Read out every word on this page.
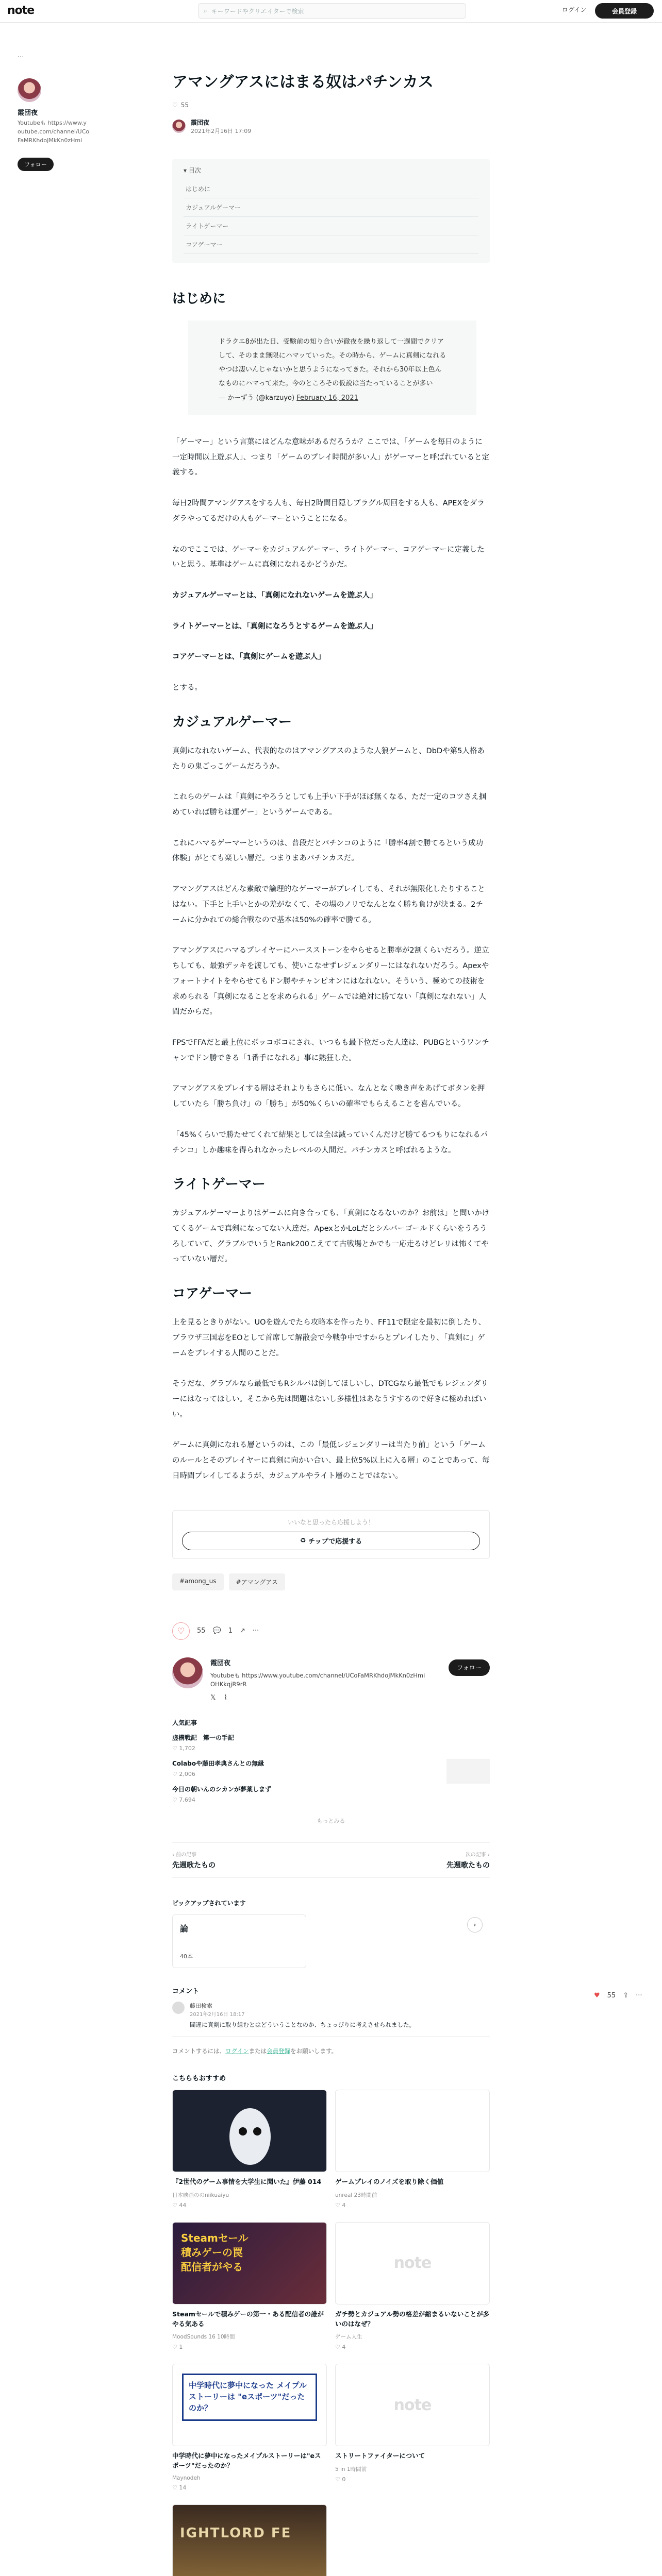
note	⌕ キーワードやクリエイターで検索	ログイン	会員登録
...
霞団夜
Youtubeも https://www.youtube.com/channel/UCoFaMRKhdoJMkKn0zHmi
フォロー
アマングアスにはまる奴はパチンカス
♡ 55
霞団夜
2021年2月16日 17:09
▾ 目次
はじめに
カジュアルゲーマー
ライトゲーマー
コアゲーマー
はじめに
ドラクエ8が出た日、受験前の知り合いが徹夜を繰り返して一週間でクリアして、そのまま無限にハマッていった。その時から、ゲームに真剣になれるやつは凄いんじゃないかと思うようになってきた。それから30年以上色んなものにハマって来た。今のところその仮説は当たっていることが多い
— かーずう (@karzuyo) February 16, 2021

「ゲーマー」という言葉にはどんな意味があるだろうか？ここでは、「ゲームを毎日のように一定時間以上遊ぶ人」、つまり「ゲームのプレイ時間が多い人」がゲーマーと呼ばれていると定義する。

毎日2時間アマングアスをする人も、毎日2時間目隠しプラグル周回をする人も、APEXをダラダラやってるだけの人もゲーマーということになる。

なのでここでは、ゲーマーをカジュアルゲーマー、ライトゲーマー、コアゲーマーに定義したいと思う。基準はゲームに真剣になれるかどうかだ。

カジュアルゲーマーとは、「真剣になれないゲームを遊ぶ人」

ライトゲーマーとは、「真剣になろうとするゲームを遊ぶ人」

コアゲーマーとは、「真剣にゲームを遊ぶ人」

とする。

カジュアルゲーマー

真剣になれないゲーム、代表的なのはアマングアスのような人狼ゲームと、DbDや第5人格あたりの鬼ごっこゲームだろうか。

これらのゲームは「真剣にやろうとしても上手い下手がほぼ無くなる、ただ一定のコツさえ掴めていれば勝ちは運ゲー」というゲームである。

これにハマるゲーマーというのは、普段だとパチンコのように「勝率4割で勝てるという成功体験」がとても楽しい層だ。つまりまあパチンカスだ。

アマングアスはどんな素敵で論理的なゲーマーがプレイしても、それが無限化したりすることはない。下手と上手いとかの差がなくて、その場のノリでなんとなく勝ち負けが決まる。2チームに分かれての総合戦なので基本は50%の確率で勝てる。

アマングアスにハマるプレイヤーにハースストーンをやらせると勝率が2割くらいだろう。逆立ちしても、最強デッキを渡しても、使いこなせずレジェンダリーにはなれないだろう。Apexやフォートナイトをやらせてもドン勝やチャンピオンにはなれない。そういう、極めての技術を求められる「真剣になることを求められる」ゲームでは絶対に勝てない「真剣になれない」人間だからだ。

FPSでFFAだと最上位にボッコボコにされ、いつもも最下位だった人達は、PUBGというワンチャンでドン勝できる「1番手になれる」事に熱狂した。

アマングアスをプレイする層はそれよりもさらに低い。なんとなく喚き声をあげてボタンを押していたら「勝ち負け」の「勝ち」が50%くらいの確率でもらえることを喜んでいる。

「45%くらいで勝たせてくれて結果としては全は減っていくんだけど勝てるつもりになれるパチンコ」しか趣味を得られなかったレベルの人間だ。パチンカスと呼ばれるような。

ライトゲーマー

カジュアルゲーマーよりはゲームに向き合っても、「真剣になるないのか？お前は」と問いかけてくるゲームで真剣になってない人達だ。ApexとかLoLだとシルバーゴールドくらいをうろうろしていて、グラブルでいうとRank200こえてて古戦場とかでも一応走るけどレリは怖くてやっていない層だ。

コアゲーマー

上を見るときりがない。UOを遊んでたら攻略本を作ったり、FF11で限定を最初に倒したり、ブラウザ三国志をEOとして首席して解散会で今戦争中ですからとプレイしたり、「真剣に」ゲームをプレイする人間のことだ。

そうだな、グラブルなら最低でもRシルバは倒してほしいし、DTCGなら最低でもレジェンダリーにはなってほしい。そこから先は問題はないし多様性はあなうすするので好きに極めればいい。

ゲームに真剣になれる層というのは、この「最低レジェンダリーは当たり前」という「ゲームのルールとそのプレイヤーに真剣に向かい合い、最上位5%以上に入る層」のことであって、毎日時間プレイしてるようが、カジュアルやライト層のことではない。

いいなと思ったら応援しよう！
♻ チップで応援する
#among_us	#アマングアス
♡ 55 💬 1 ↗ ···
霞団夜
Youtubeも https://www.youtube.com/channel/UCoFaMRKhdoJMkKn0zHmiOHKkqjR9rR
𝕏 ⌇
フォロー
人気記事
虚構戦記　第一の手記
♡ 1,702
Colaboや藤田孝典さんとの無縁
♡ 2,006
今日の朝いんのシカンが夢薬しまず
♡ 7,694
もっとみる
‹ 前の記事
先週歌たもの
次の記事 ›
先週歌たもの
ピックアップされています
論
40本
›
コメント
藤田検索
2021年2月16日 18:17
間違に真剣に取り組むとはどういうことなのか、ちょっぴりに考えさせられました。
コメントするには、ログインまたは会員登録をお願いします。
こちらもおすすめ
『2世代のゲーム事情を大学生に聞いた』伊藤 014
日本映画ののniikuaiyu
♡ 44
ゲームプレイのノイズを取り除く価値
unreal 23時間前
♡ 4
Steamセール 積みゲーの罠 配信者がやる
Steamセールで積みゲーの第一・ある配信者の誰がやる気ある
MoodSounds 16 10時間
♡ 1
note
ガチ勢とカジュアル勢の格差が縮まるいないことが多いのはなぜ？
ゲーム人生
♡ 4
中学時代に夢中になった メイプルストーリーは "eスポーツ"だったのか？
中学時代に夢中になったメイプルストーリーは"eスポーツ"だったのか？
Maynodeh
♡ 14
note
ストリートファイターについて
5 in 1時間前
♡ 0
IGHTLORD FE
♥ 55 ⇪ ···
